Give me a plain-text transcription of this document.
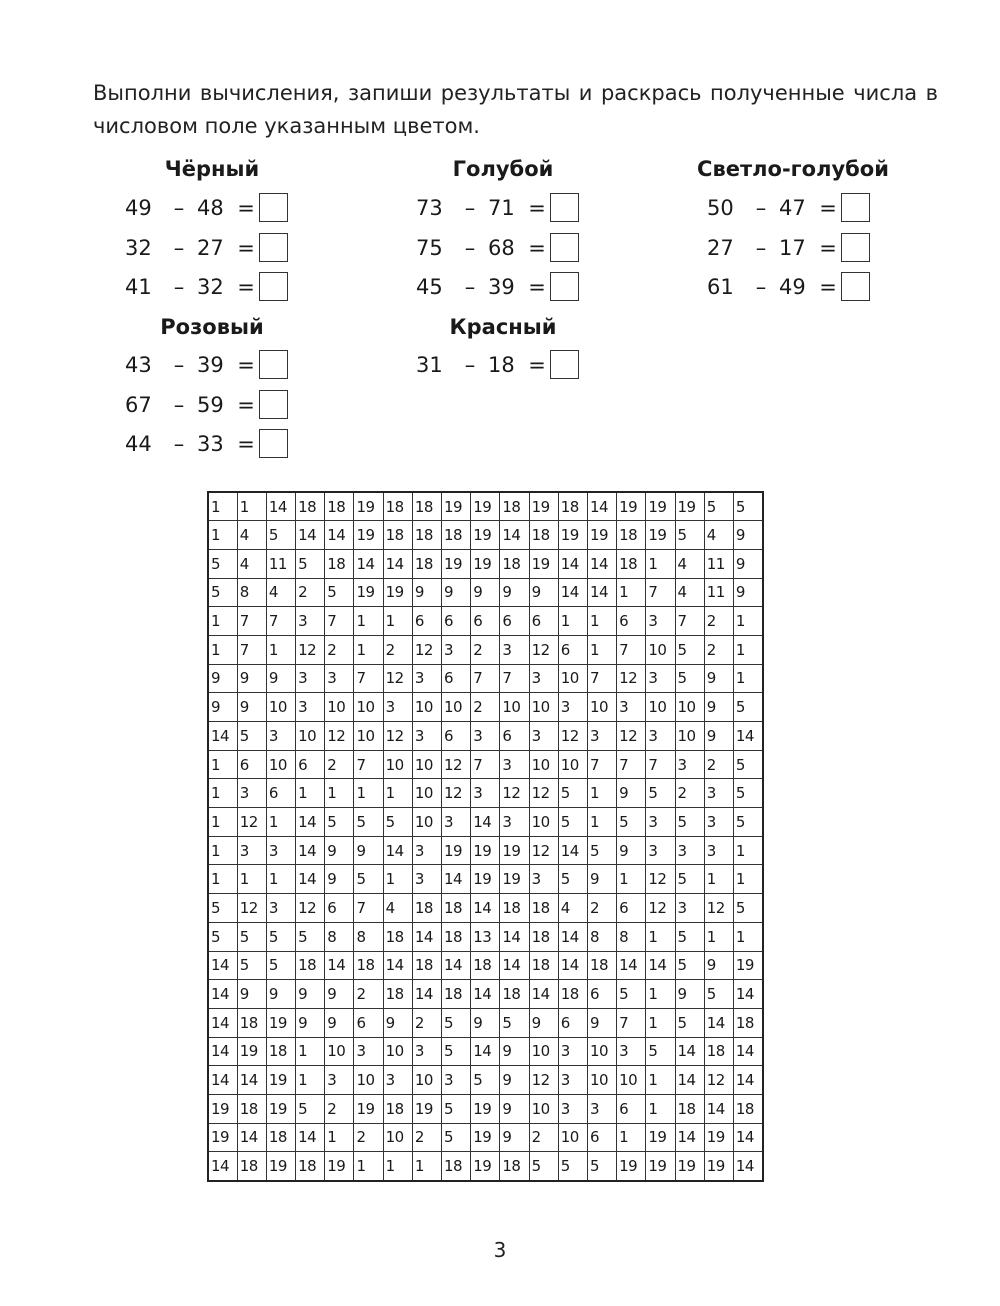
Выполни вычисления, запиши результаты и раскрась полученные числа в числовом поле указанным цветом.
Чёрный
49 – 48 =
32 – 27 =
41 – 32 =
Голубой
73 – 71 =
75 – 68 =
45 – 39 =
Светло-голубой
50 – 47 =
27 – 17 =
61 – 49 =
Розовый
43 – 39 =
67 – 59 =
44 – 33 =
Красный
31 – 18 =
1	1	14	18	18	19	18	18	19	19	18	19	18	14	19	19	19	5	5
1	4	5	14	14	19	18	18	18	19	14	18	19	19	18	19	5	4	9
5	4	11	5	18	14	14	18	19	19	18	19	14	14	18	1	4	11	9
5	8	4	2	5	19	19	9	9	9	9	9	14	14	1	7	4	11	9
1	7	7	3	7	1	1	6	6	6	6	6	1	1	6	3	7	2	1
1	7	1	12	2	1	2	12	3	2	3	12	6	1	7	10	5	2	1
9	9	9	3	3	7	12	3	6	7	7	3	10	7	12	3	5	9	1
9	9	10	3	10	10	3	10	10	2	10	10	3	10	3	10	10	9	5
14	5	3	10	12	10	12	3	6	3	6	3	12	3	12	3	10	9	14
1	6	10	6	2	7	10	10	12	7	3	10	10	7	7	7	3	2	5
1	3	6	1	1	1	1	10	12	3	12	12	5	1	9	5	2	3	5
1	12	1	14	5	5	5	10	3	14	3	10	5	1	5	3	5	3	5
1	3	3	14	9	9	14	3	19	19	19	12	14	5	9	3	3	3	1
1	1	1	14	9	5	1	3	14	19	19	3	5	9	1	12	5	1	1
5	12	3	12	6	7	4	18	18	14	18	18	4	2	6	12	3	12	5
5	5	5	5	8	8	18	14	18	13	14	18	14	8	8	1	5	1	1
14	5	5	18	14	18	14	18	14	18	14	18	14	18	14	14	5	9	19
14	9	9	9	9	2	18	14	18	14	18	14	18	6	5	1	9	5	14
14	18	19	9	9	6	9	2	5	9	5	9	6	9	7	1	5	14	18
14	19	18	1	10	3	10	3	5	14	9	10	3	10	3	5	14	18	14
14	14	19	1	3	10	3	10	3	5	9	12	3	10	10	1	14	12	14
19	18	19	5	2	19	18	19	5	19	9	10	3	3	6	1	18	14	18
19	14	18	14	1	2	10	2	5	19	9	2	10	6	1	19	14	19	14
14	18	19	18	19	1	1	1	18	19	18	5	5	5	19	19	19	19	14
3
